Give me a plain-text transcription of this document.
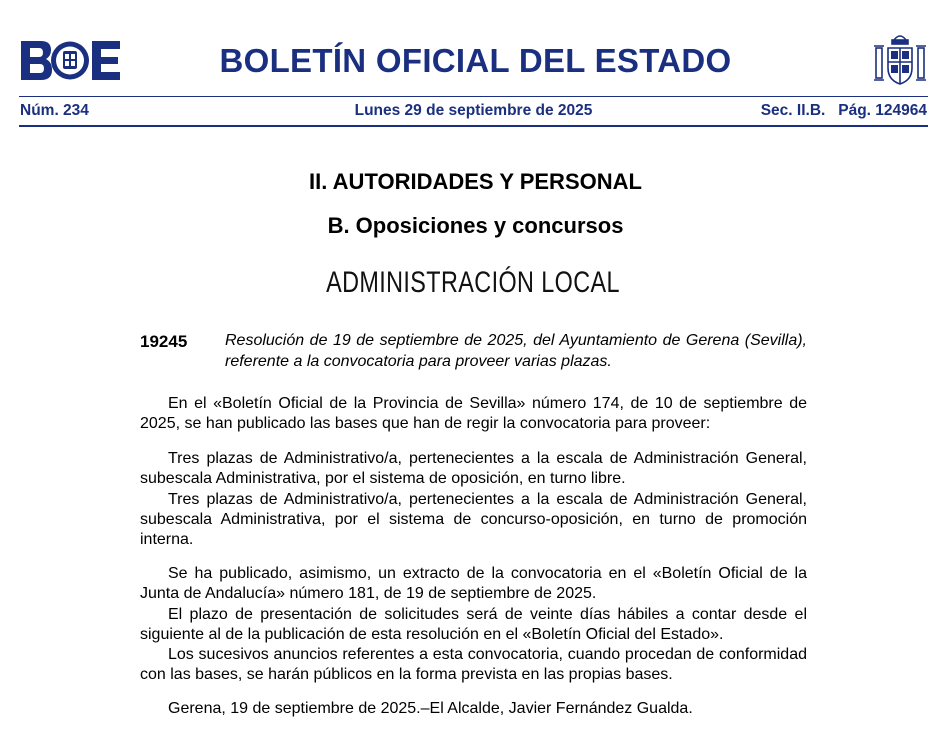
BOLETÍN OFICIAL DEL ESTADO
Núm. 234	Lunes 29 de septiembre de 2025	Sec. II.B.   Pág. 124964
II. AUTORIDADES Y PERSONAL
B. Oposiciones y concursos
ADMINISTRACIÓN LOCAL
19245 Resolución de 19 de septiembre de 2025, del Ayuntamiento de Gerena (Sevilla), referente a la convocatoria para proveer varias plazas.

En el «Boletín Oficial de la Provincia de Sevilla» número 174, de 10 de septiembre de 2025, se han publicado las bases que han de regir la convocatoria para proveer:

Tres plazas de Administrativo/a, pertenecientes a la escala de Administración General, subescala Administrativa, por el sistema de oposición, en turno libre.

Tres plazas de Administrativo/a, pertenecientes a la escala de Administración General, subescala Administrativa, por el sistema de concurso-oposición, en turno de promoción interna.

Se ha publicado, asimismo, un extracto de la convocatoria en el «Boletín Oficial de la Junta de Andalucía» número 181, de 19 de septiembre de 2025.

El plazo de presentación de solicitudes será de veinte días hábiles a contar desde el siguiente al de la publicación de esta resolución en el «Boletín Oficial del Estado».

Los sucesivos anuncios referentes a esta convocatoria, cuando procedan de conformidad con las bases, se harán públicos en la forma prevista en las propias bases.

Gerena, 19 de septiembre de 2025.–El Alcalde, Javier Fernández Gualda.
